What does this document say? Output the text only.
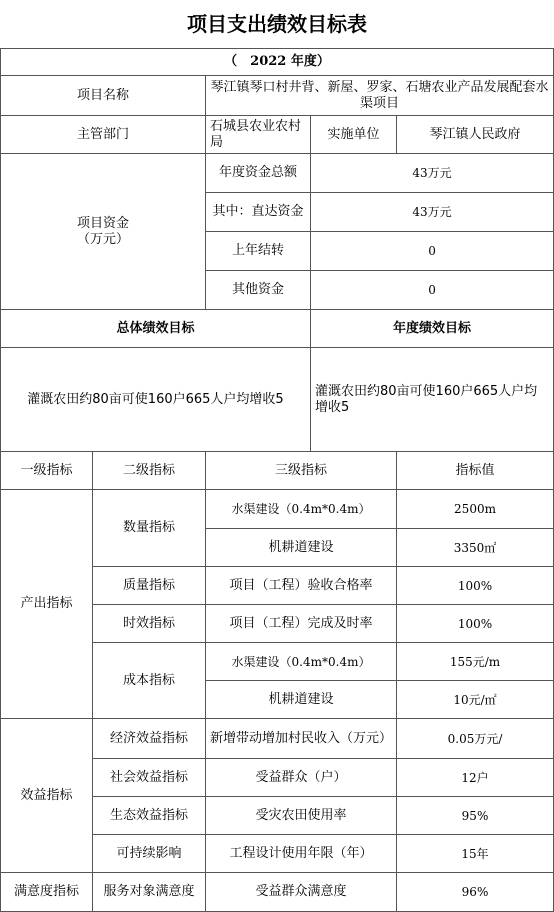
项目支出绩效目标表				
（　2022 年度）				
项目名称		琴江镇琴口村井背、新屋、罗家、石塘农业产品发展配套水渠项目		
主管部门		石城县农业农村局	实施单位	琴江镇人民政府
项目资金
（万元）		年度资金总额	43万元	
		其中：直达资金	43万元	
		上年结转	0	
		其他资金	0	
总体绩效目标			年度绩效目标	
灌溉农田约80亩可使160户665人户均增收5			灌溉农田约80亩可使160户665人户均增收5	
一级指标	二级指标	三级指标		指标值
产出指标	数量指标	水渠建设（0.4m*0.4m）		2500m
		机耕道建设		3350㎡
	质量指标	项目（工程）验收合格率		100%
	时效指标	项目（工程）完成及时率		100%
	成本指标	水渠建设（0.4m*0.4m）		155元/m
		机耕道建设		10元/㎡
效益指标	经济效益指标	新增带动增加村民收入（万元）		0.05万元/
	社会效益指标	受益群众（户）		12户
	生态效益指标	受灾农田使用率		95%
	可持续影响	工程设计使用年限（年）		15年
满意度指标	服务对象满意度	受益群众满意度		96%
